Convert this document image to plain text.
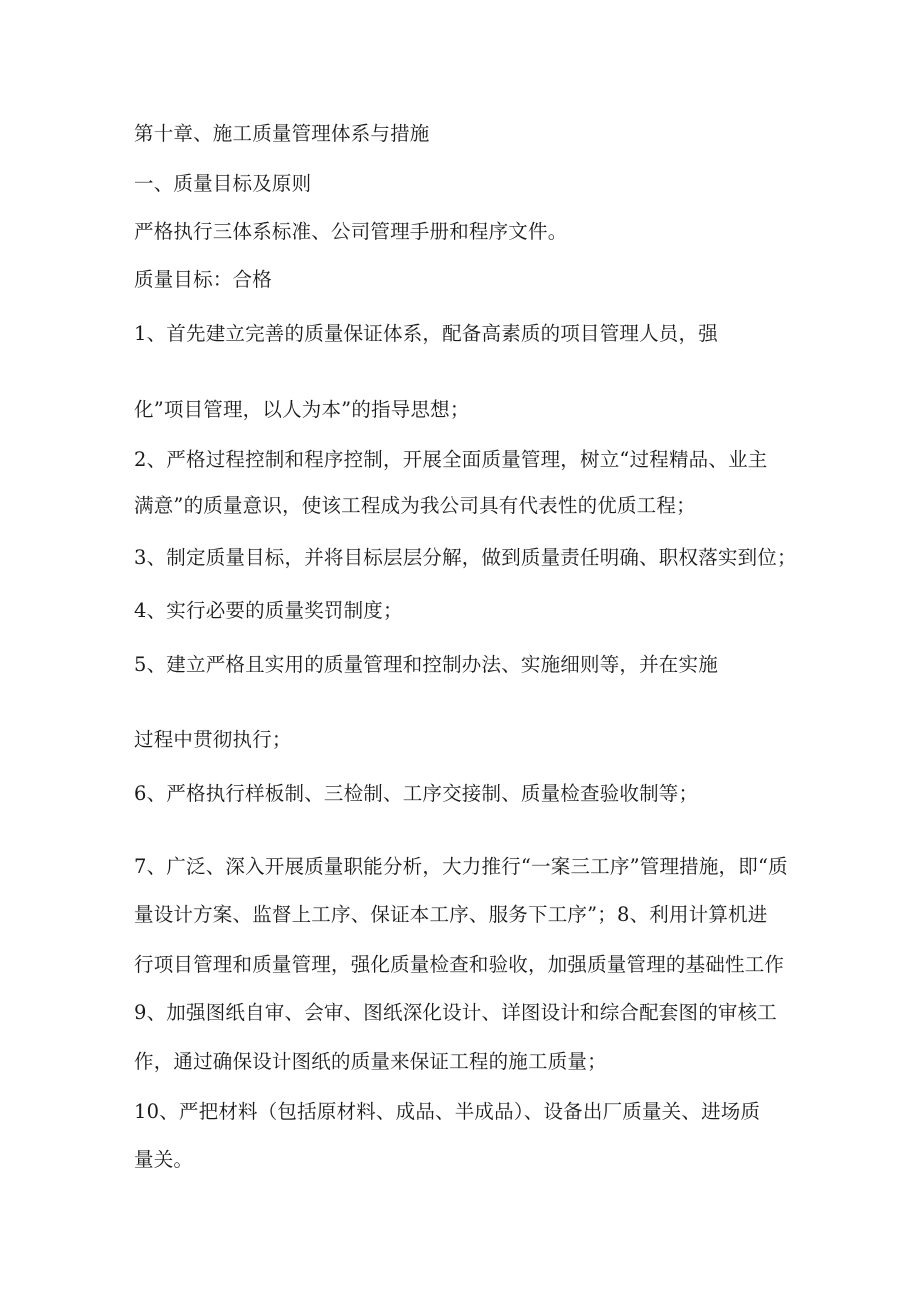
第十章、施工质量管理体系与措施
一、质量目标及原则
严格执行三体系标准、公司管理手册和程序文件。
质量目标：合格
1、首先建立完善的质量保证体系，配备高素质的项目管理人员，强
化”项目管理，以人为本”的指导思想；
2、严格过程控制和程序控制，开展全面质量管理，树立“过程精品、业主
满意”的质量意识，使该工程成为我公司具有代表性的优质工程；
3、制定质量目标，并将目标层层分解，做到质量责任明确、职权落实到位；
4、实行必要的质量奖罚制度；
5、建立严格且实用的质量管理和控制办法、实施细则等，并在实施
过程中贯彻执行；
6、严格执行样板制、三检制、工序交接制、质量检查验收制等；
7、广泛、深入开展质量职能分析，大力推行“一案三工序”管理措施，即“质
量设计方案、监督上工序、保证本工序、服务下工序”；8、利用计算机进
行项目管理和质量管理，强化质量检查和验收，加强质量管理的基础性工作
9、加强图纸自审、会审、图纸深化设计、详图设计和综合配套图的审核工
作，通过确保设计图纸的质量来保证工程的施工质量；
10、严把材料（包括原材料、成品、半成品）、设备出厂质量关、进场质
量关。
